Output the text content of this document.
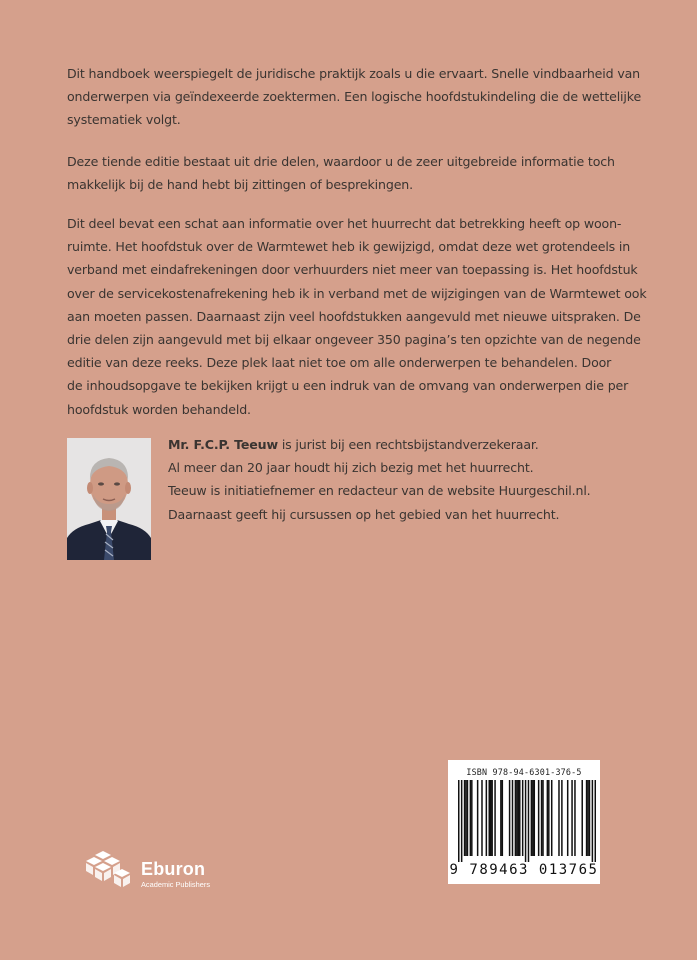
Dit handboek weerspiegelt de juridische praktijk zoals u die ervaart. Snelle vindbaarheid van
onderwerpen via geïndexeerde zoektermen. Een logische hoofdstukindeling die de wettelijke
systematiek volgt.
Deze tiende editie bestaat uit drie delen, waardoor u de zeer uitgebreide informatie toch
makkelijk bij de hand hebt bij zittingen of besprekingen.
Dit deel bevat een schat aan informatie over het huurrecht dat betrekking heeft op woon-
ruimte. Het hoofdstuk over de Warmtewet heb ik gewijzigd, omdat deze wet grotendeels in
verband met eindafrekeningen door verhuurders niet meer van toepassing is. Het hoofdstuk
over de servicekostenafrekening heb ik in verband met de wijzigingen van de Warmtewet ook
aan moeten passen. Daarnaast zijn veel hoofdstukken aangevuld met nieuwe uitspraken. De
drie delen zijn aangevuld met bij elkaar ongeveer 350 pagina’s ten opzichte van de negende
editie van deze reeks. Deze plek laat niet toe om alle onderwerpen te behandelen. Door
de inhoudsopgave te bekijken krijgt u een indruk van de omvang van onderwerpen die per
hoofdstuk worden behandeld.
Mr. F.C.P. Teeuw is jurist bij een rechtsbijstandverzekeraar.
Al meer dan 20 jaar houdt hij zich bezig met het huurrecht.
Teeuw is initiatiefnemer en redacteur van de website Huurgeschil.nl.
Daarnaast geeft hij cursussen op het gebied van het huurrecht.
ISBN 978-94-6301-376-5
9 789463 013765
Eburon
Academic Publishers
